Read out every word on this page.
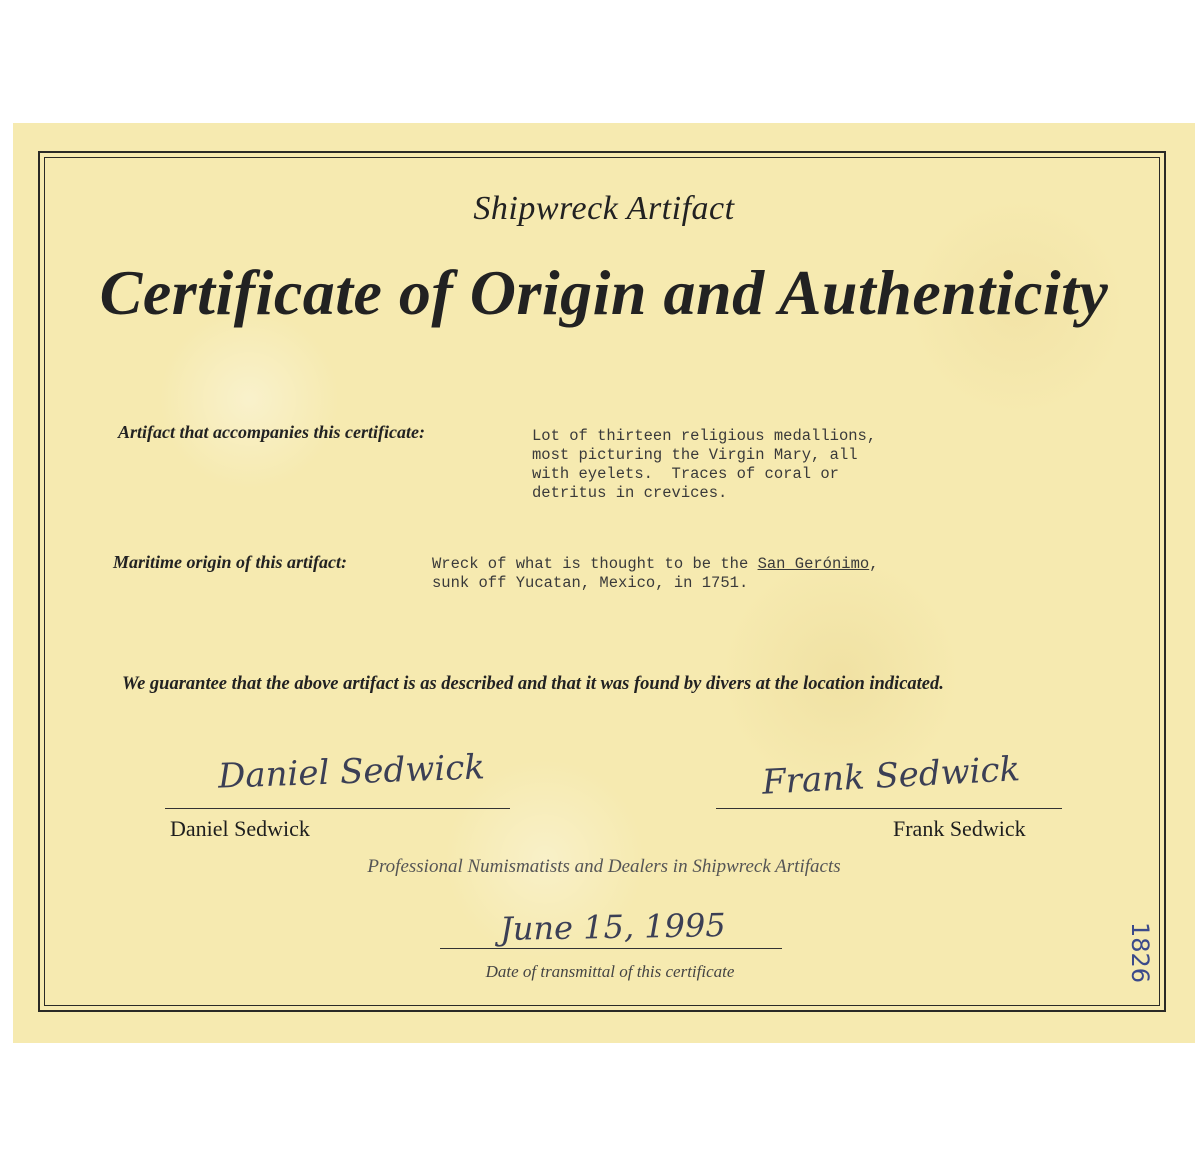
Shipwreck Artifact
Certificate of Origin and Authenticity
Artifact that accompanies this certificate:	Lot of thirteen religious medallions,
most picturing the Virgin Mary, all
with eyelets.  Traces of coral or
detritus in crevices.
Maritime origin of this artifact:	Wreck of what is thought to be the San Gerónimo,
sunk off Yucatan, Mexico, in 1751.
We guarantee that the above artifact is as described and that it was found by divers at the location indicated.
Daniel Sedwick
Daniel Sedwick
Frank Sedwick
Frank Sedwick
Professional Numismatists and Dealers in Shipwreck Artifacts
June 15, 1995
Date of transmittal of this certificate	1826
